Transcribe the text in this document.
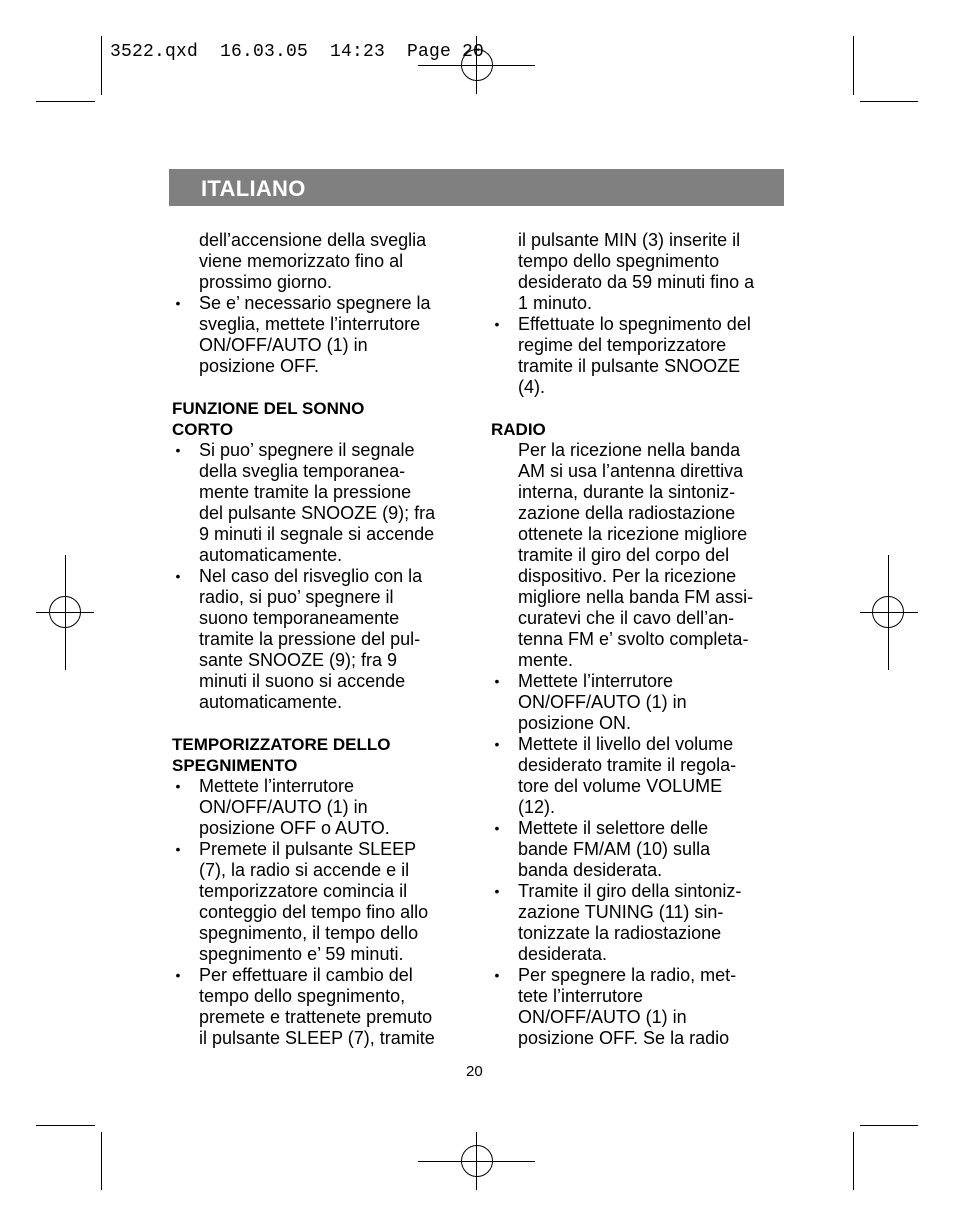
3522.qxd  16.03.05  14:23  Page 20
ITALIANO
dell’accensione della sveglia
viene memorizzato fino al
prossimo giorno.
• Se e’ necessario spegnere la
sveglia, mettete l’interrutore
ON/OFF/AUTO (1) in
posizione OFF.
FUNZIONE DEL SONNO
CORTO
• Si puo’ spegnere il segnale
della sveglia temporanea-
mente tramite la pressione
del pulsante SNOOZE (9); fra
9 minuti il segnale si accende
automaticamente.
• Nel caso del risveglio con la
radio, si puo’ spegnere il
suono temporaneamente
tramite la pressione del pul-
sante SNOOZE (9); fra 9
minuti il suono si accende
automaticamente.
TEMPORIZZATORE DELLO
SPEGNIMENTO
• Mettete l’interrutore
ON/OFF/AUTO (1) in
posizione OFF o AUTO.
• Premete il pulsante SLEEP
(7), la radio si accende e il
temporizzatore comincia il
conteggio del tempo fino allo
spegnimento, il tempo dello
spegnimento e’ 59 minuti.
• Per effettuare il cambio del
tempo dello spegnimento,
premete e trattenete premuto
il pulsante SLEEP (7), tramite
il pulsante MIN (3) inserite il
tempo dello spegnimento
desiderato da 59 minuti fino a
1 minuto.
• Effettuate lo spegnimento del
regime del temporizzatore
tramite il pulsante SNOOZE
(4).
RADIO
Per la ricezione nella banda
AM si usa l’antenna direttiva
interna, durante la sintoniz-
zazione della radiostazione
ottenete la ricezione migliore
tramite il giro del corpo del
dispositivo. Per la ricezione
migliore nella banda FM assi-
curatevi che il cavo dell’an-
tenna FM e’ svolto completa-
mente.
• Mettete l’interrutore
ON/OFF/AUTO (1) in
posizione ON.
• Mettete il livello del volume
desiderato tramite il regola-
tore del volume VOLUME
(12).
• Mettete il selettore delle
bande FM/AM (10) sulla
banda desiderata.
• Tramite il giro della sintoniz-
zazione TUNING (11) sin-
tonizzate la radiostazione
desiderata.
• Per spegnere la radio, met-
tete l’interrutore
ON/OFF/AUTO (1) in
posizione OFF. Se la radio
20
